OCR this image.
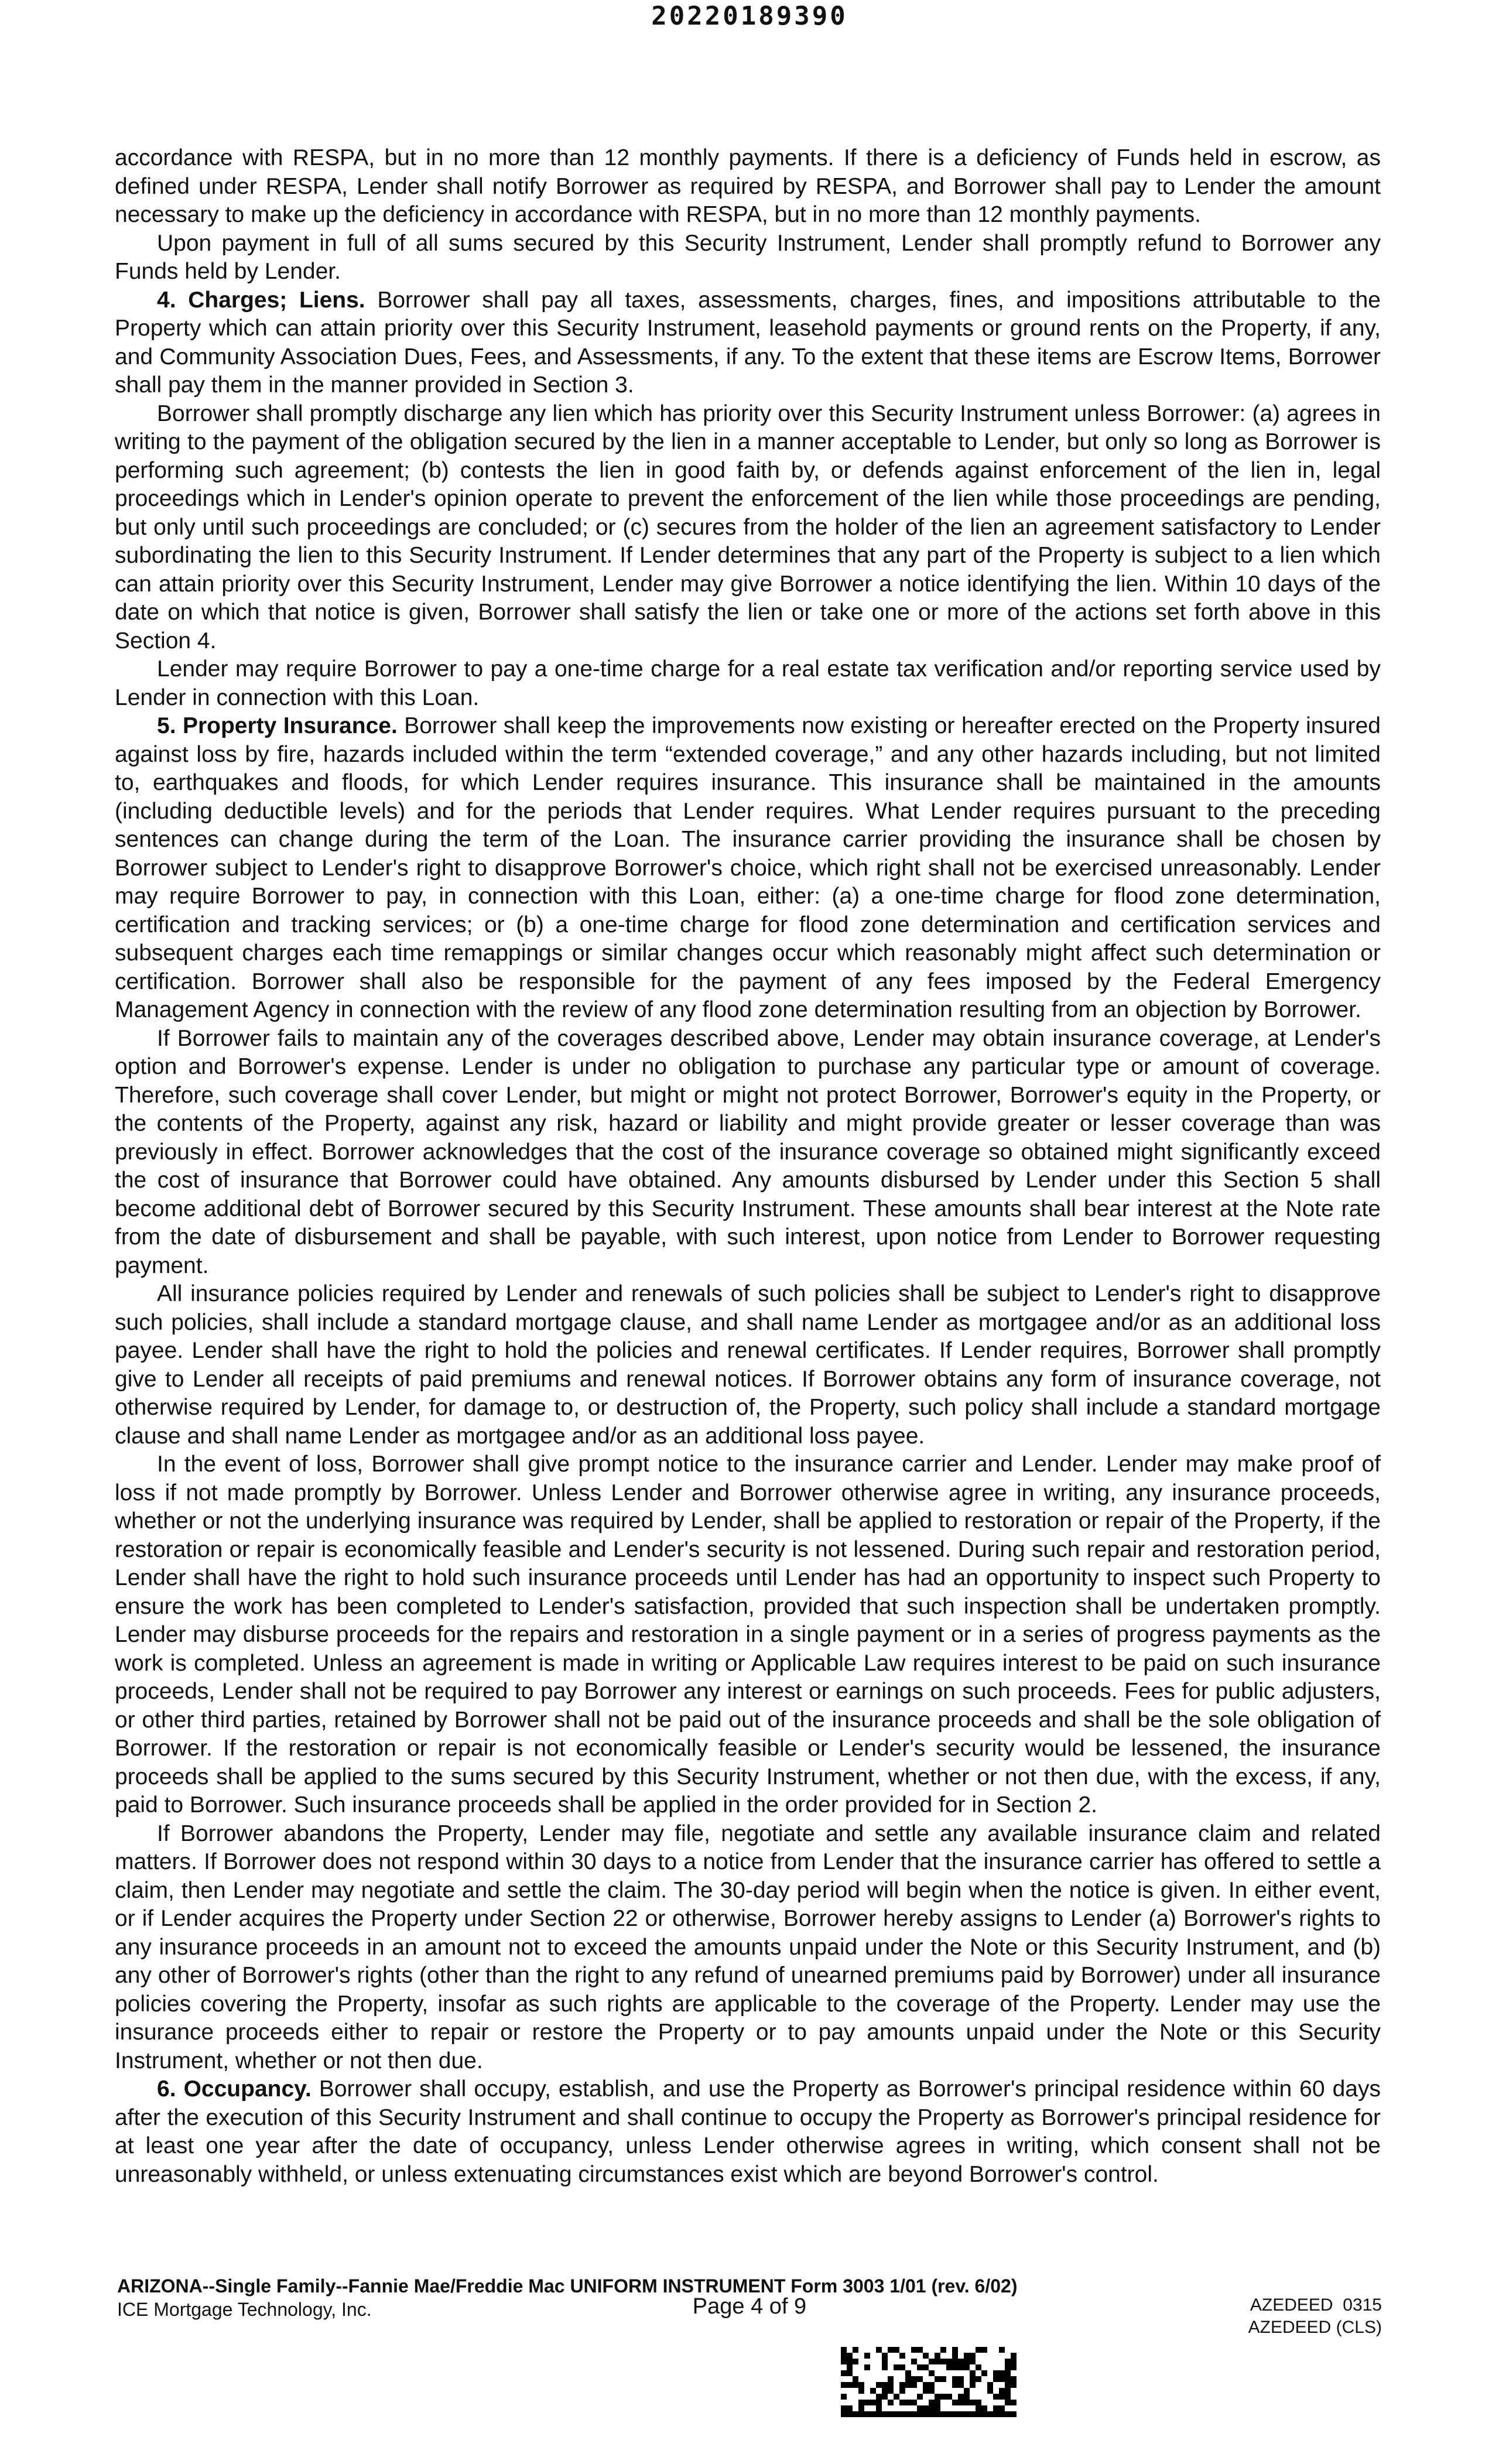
20220189390

accordance with RESPA, but in no more than 12 monthly payments. If there is a deficiency of Funds held in escrow, as defined under RESPA, Lender shall notify Borrower as required by RESPA, and Borrower shall pay to Lender the amount necessary to make up the deficiency in accordance with RESPA, but in no more than 12 monthly payments.

Upon payment in full of all sums secured by this Security Instrument, Lender shall promptly refund to Borrower any Funds held by Lender.

4. Charges; Liens. Borrower shall pay all taxes, assessments, charges, fines, and impositions attributable to the Property which can attain priority over this Security Instrument, leasehold payments or ground rents on the Property, if any, and Community Association Dues, Fees, and Assessments, if any. To the extent that these items are Escrow Items, Borrower shall pay them in the manner provided in Section 3.

Borrower shall promptly discharge any lien which has priority over this Security Instrument unless Borrower: (a) agrees in writing to the payment of the obligation secured by the lien in a manner acceptable to Lender, but only so long as Borrower is performing such agreement; (b) contests the lien in good faith by, or defends against enforcement of the lien in, legal proceedings which in Lender's opinion operate to prevent the enforcement of the lien while those proceedings are pending, but only until such proceedings are concluded; or (c) secures from the holder of the lien an agreement satisfactory to Lender subordinating the lien to this Security Instrument. If Lender determines that any part of the Property is subject to a lien which can attain priority over this Security Instrument, Lender may give Borrower a notice identifying the lien. Within 10 days of the date on which that notice is given, Borrower shall satisfy the lien or take one or more of the actions set forth above in this Section 4.

Lender may require Borrower to pay a one-time charge for a real estate tax verification and/or reporting service used by Lender in connection with this Loan.

5. Property Insurance. Borrower shall keep the improvements now existing or hereafter erected on the Property insured against loss by fire, hazards included within the term “extended coverage,” and any other hazards including, but not limited to, earthquakes and floods, for which Lender requires insurance. This insurance shall be maintained in the amounts (including deductible levels) and for the periods that Lender requires. What Lender requires pursuant to the preceding sentences can change during the term of the Loan. The insurance carrier providing the insurance shall be chosen by Borrower subject to Lender's right to disapprove Borrower's choice, which right shall not be exercised unreasonably. Lender may require Borrower to pay, in connection with this Loan, either: (a) a one-time charge for flood zone determination, certification and tracking services; or (b) a one-time charge for flood zone determination and certification services and subsequent charges each time remappings or similar changes occur which reasonably might affect such determination or certification. Borrower shall also be responsible for the payment of any fees imposed by the Federal Emergency Management Agency in connection with the review of any flood zone determination resulting from an objection by Borrower.

If Borrower fails to maintain any of the coverages described above, Lender may obtain insurance coverage, at Lender's option and Borrower's expense. Lender is under no obligation to purchase any particular type or amount of coverage. Therefore, such coverage shall cover Lender, but might or might not protect Borrower, Borrower's equity in the Property, or the contents of the Property, against any risk, hazard or liability and might provide greater or lesser coverage than was previously in effect. Borrower acknowledges that the cost of the insurance coverage so obtained might significantly exceed the cost of insurance that Borrower could have obtained. Any amounts disbursed by Lender under this Section 5 shall become additional debt of Borrower secured by this Security Instrument. These amounts shall bear interest at the Note rate from the date of disbursement and shall be payable, with such interest, upon notice from Lender to Borrower requesting payment.

All insurance policies required by Lender and renewals of such policies shall be subject to Lender's right to disapprove such policies, shall include a standard mortgage clause, and shall name Lender as mortgagee and/or as an additional loss payee. Lender shall have the right to hold the policies and renewal certificates. If Lender requires, Borrower shall promptly give to Lender all receipts of paid premiums and renewal notices. If Borrower obtains any form of insurance coverage, not otherwise required by Lender, for damage to, or destruction of, the Property, such policy shall include a standard mortgage clause and shall name Lender as mortgagee and/or as an additional loss payee.

In the event of loss, Borrower shall give prompt notice to the insurance carrier and Lender. Lender may make proof of loss if not made promptly by Borrower. Unless Lender and Borrower otherwise agree in writing, any insurance proceeds, whether or not the underlying insurance was required by Lender, shall be applied to restoration or repair of the Property, if the restoration or repair is economically feasible and Lender's security is not lessened. During such repair and restoration period, Lender shall have the right to hold such insurance proceeds until Lender has had an opportunity to inspect such Property to ensure the work has been completed to Lender's satisfaction, provided that such inspection shall be undertaken promptly. Lender may disburse proceeds for the repairs and restoration in a single payment or in a series of progress payments as the work is completed. Unless an agreement is made in writing or Applicable Law requires interest to be paid on such insurance proceeds, Lender shall not be required to pay Borrower any interest or earnings on such proceeds. Fees for public adjusters, or other third parties, retained by Borrower shall not be paid out of the insurance proceeds and shall be the sole obligation of Borrower. If the restoration or repair is not economically feasible or Lender's security would be lessened, the insurance proceeds shall be applied to the sums secured by this Security Instrument, whether or not then due, with the excess, if any, paid to Borrower. Such insurance proceeds shall be applied in the order provided for in Section 2.

If Borrower abandons the Property, Lender may file, negotiate and settle any available insurance claim and related matters. If Borrower does not respond within 30 days to a notice from Lender that the insurance carrier has offered to settle a claim, then Lender may negotiate and settle the claim. The 30-day period will begin when the notice is given. In either event, or if Lender acquires the Property under Section 22 or otherwise, Borrower hereby assigns to Lender (a) Borrower's rights to any insurance proceeds in an amount not to exceed the amounts unpaid under the Note or this Security Instrument, and (b) any other of Borrower's rights (other than the right to any refund of unearned premiums paid by Borrower) under all insurance policies covering the Property, insofar as such rights are applicable to the coverage of the Property. Lender may use the insurance proceeds either to repair or restore the Property or to pay amounts unpaid under the Note or this Security Instrument, whether or not then due.

6. Occupancy. Borrower shall occupy, establish, and use the Property as Borrower's principal residence within 60 days after the execution of this Security Instrument and shall continue to occupy the Property as Borrower's principal residence for at least one year after the date of occupancy, unless Lender otherwise agrees in writing, which consent shall not be unreasonably withheld, or unless extenuating circumstances exist which are beyond Borrower's control.

ARIZONA--Single Family--Fannie Mae/Freddie Mac UNIFORM INSTRUMENT Form 3003 1/01 (rev. 6/02)
ICE Mortgage Technology, Inc.	Page 4 of 9	AZEDEED  0315
AZEDEED (CLS)
